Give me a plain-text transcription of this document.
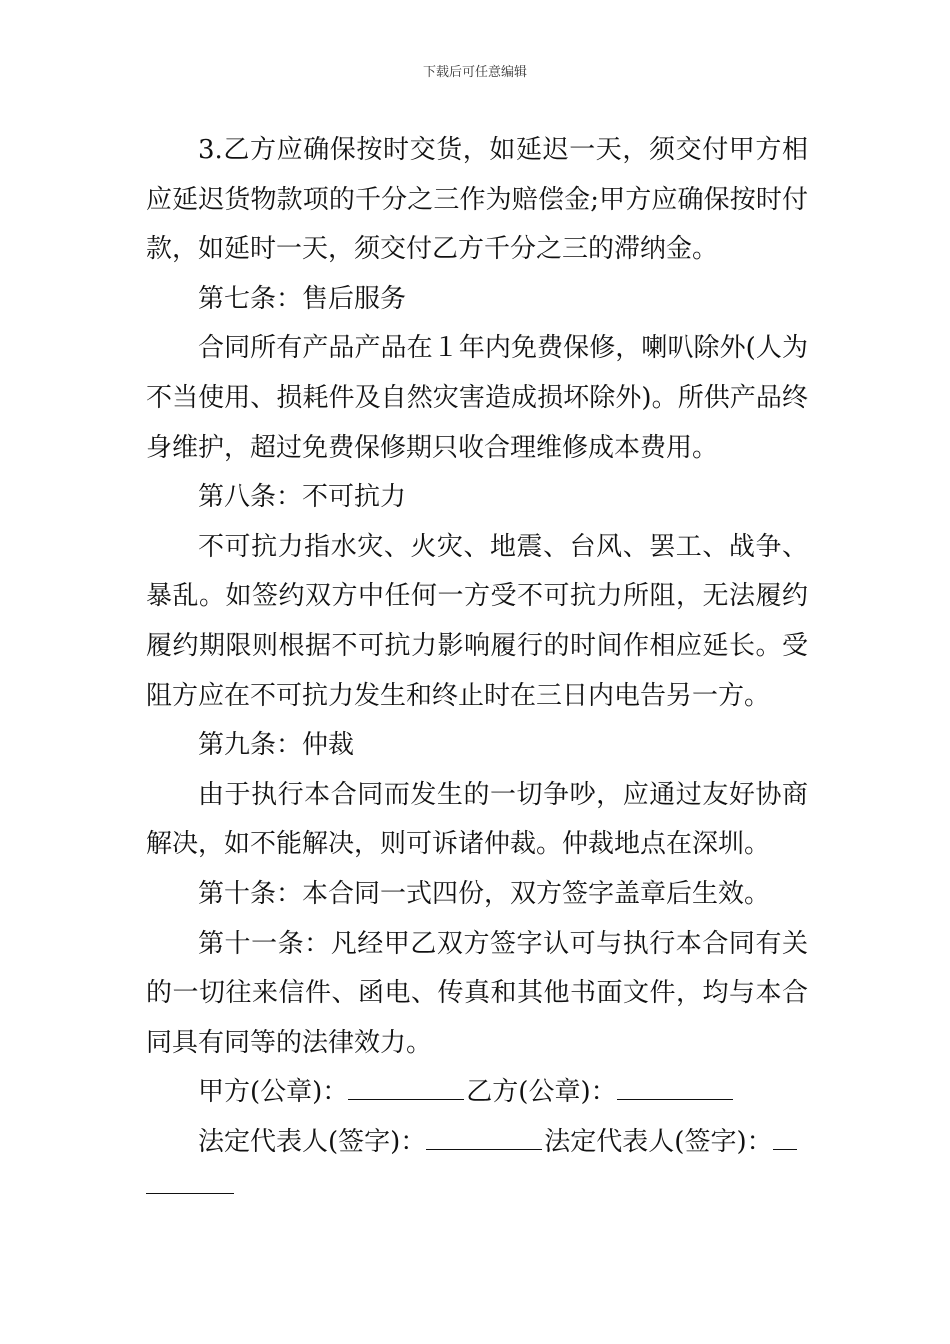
下载后可任意编辑

3.乙方应确保按时交货，如延迟一天，须交付甲方相应延迟货物款项的千分之三作为赔偿金;甲方应确保按时付款，如延时一天，须交付乙方千分之三的滞纳金。

第七条：售后服务

合同所有产品产品在１年内免费保修，喇叭除外(人为不当使用、损耗件及自然灾害造成损坏除外)。所供产品终身维护，超过免费保修期只收合理维修成本费用。

第八条：不可抗力

不可抗力指水灾、火灾、地震、台风、罢工、战争、暴乱。如签约双方中任何一方受不可抗力所阻，无法履约履约期限则根据不可抗力影响履行的时间作相应延长。受阻方应在不可抗力发生和终止时在三日内电告另一方。

第九条：仲裁

由于执行本合同而发生的一切争吵，应通过友好协商解决，如不能解决，则可诉诸仲裁。仲裁地点在深圳。

第十条：本合同一式四份，双方签字盖章后生效。

第十一条：凡经甲乙双方签字认可与执行本合同有关的一切往来信件、函电、传真和其他书面文件，均与本合同具有同等的法律效力。

甲方(公章)：	乙方(公章)：

法定代表人(签字)：	法定代表人(签字)：
